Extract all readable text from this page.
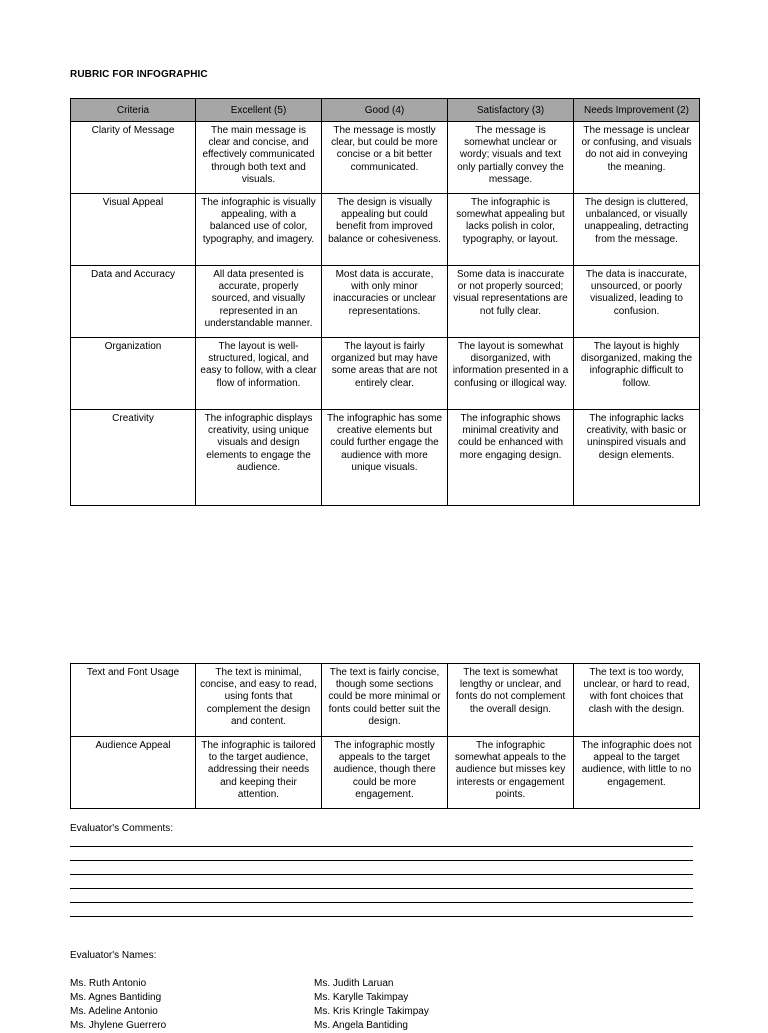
RUBRIC FOR INFOGRAPHIC
Criteria	Excellent (5)	Good (4)	Satisfactory (3)	Needs Improvement (2)
Clarity of Message	The main message is clear and concise, and effectively communicated through both text and visuals.	The message is mostly clear, but could be more concise or a bit better communicated.	The message is somewhat unclear or wordy; visuals and text only partially convey the message.	The message is unclear or confusing, and visuals do not aid in conveying the meaning.
Visual Appeal	The infographic is visually appealing, with a balanced use of color, typography, and imagery.	The design is visually appealing but could benefit from improved balance or cohesiveness.	The infographic is somewhat appealing but lacks polish in color, typography, or layout.	The design is cluttered, unbalanced, or visually unappealing, detracting from the message.
Data and Accuracy	All data presented is accurate, properly sourced, and visually represented in an understandable manner.	Most data is accurate, with only minor inaccuracies or unclear representations.	Some data is inaccurate or not properly sourced; visual representations are not fully clear.	The data is inaccurate, unsourced, or poorly visualized, leading to confusion.
Organization	The layout is well-structured, logical, and easy to follow, with a clear flow of information.	The layout is fairly organized but may have some areas that are not entirely clear.	The layout is somewhat disorganized, with information presented in a confusing or illogical way.	The layout is highly disorganized, making the infographic difficult to follow.
Creativity	The infographic displays creativity, using unique visuals and design elements to engage the audience.	The infographic has some creative elements but could further engage the audience with more unique visuals.	The infographic shows minimal creativity and could be enhanced with more engaging design.	The infographic lacks creativity, with basic or uninspired visuals and design elements.
Text and Font Usage	The text is minimal, concise, and easy to read, using fonts that complement the design and content.	The text is fairly concise, though some sections could be more minimal or fonts could better suit the design.	The text is somewhat lengthy or unclear, and fonts do not complement the overall design.	The text is too wordy, unclear, or hard to read, with font choices that clash with the design.
Audience Appeal	The infographic is tailored to the target audience, addressing their needs and keeping their attention.	The infographic mostly appeals to the target audience, though there could be more engagement.	The infographic somewhat appeals to the audience but misses key interests or engagement points.	The infographic does not appeal to the target audience, with little to no engagement.
Evaluator's Comments:
Evaluator's Names:
Ms. Ruth Antonio
Ms. Agnes Bantiding
Ms. Adeline Antonio
Ms. Jhylene Guerrero
Ms. Judith Laruan
Ms. Karylle Takimpay
Ms. Kris Kringle Takimpay
Ms. Angela Bantiding
